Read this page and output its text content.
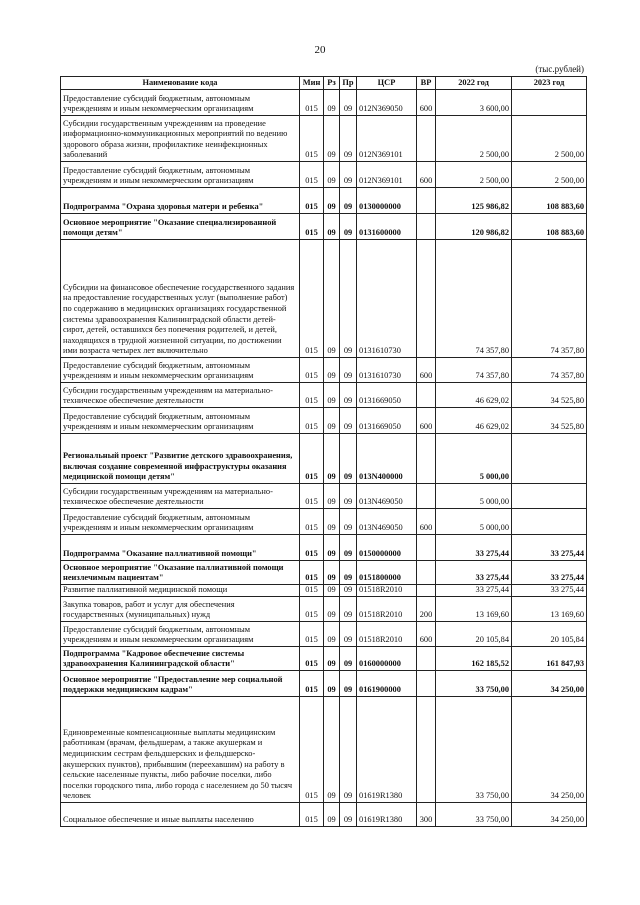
20
(тыс.рублей)
Наименование кода	Мин	Рз	Пр	ЦСР	ВР	2022 год	2023 год
Предоставление субсидий бюджетным, автономным учреждениям и иным некоммерческим организациям	015	09	09	012N369050	600	3 600,00	
Субсидии государственным учреждениям на проведение информационно-коммуникационных мероприятий по ведению здорового образа жизни, профилактике неинфекционных заболеваний	015	09	09	012N369101		2 500,00	2 500,00
Предоставление субсидий бюджетным, автономным учреждениям и иным некоммерческим организациям	015	09	09	012N369101	600	2 500,00	2 500,00
Подпрограмма "Охрана здоровья матери и ребенка"	015	09	09	0130000000		125 986,82	108 883,60
Основное мероприятие "Оказание специализированной помощи детям"	015	09	09	0131600000		120 986,82	108 883,60
Субсидии на финансовое обеспечение государственного задания на предоставление государственных услуг (выполнение работ) по содержанию в медицинских организациях государственной системы здравоохранения Калининградской области детей-сирот, детей, оставшихся без попечения родителей, и детей, находящихся в трудной жизненной ситуации, по достижении ими возраста четырех лет включительно	015	09	09	0131610730		74 357,80	74 357,80
Предоставление субсидий бюджетным, автономным учреждениям и иным некоммерческим организациям	015	09	09	0131610730	600	74 357,80	74 357,80
Субсидии государственным учреждениям на материально-техническое обеспечение деятельности	015	09	09	0131669050		46 629,02	34 525,80
Предоставление субсидий бюджетным, автономным учреждениям и иным некоммерческим организациям	015	09	09	0131669050	600	46 629,02	34 525,80
Региональный проект "Развитие детского здравоохранения, включая создание современной инфраструктуры оказания медицинской помощи детям"	015	09	09	013N400000		5 000,00	
Субсидии государственным учреждениям на материально-техническое обеспечение деятельности	015	09	09	013N469050		5 000,00	
Предоставление субсидий бюджетным, автономным учреждениям и иным некоммерческим организациям	015	09	09	013N469050	600	5 000,00	
Подпрограмма "Оказание паллиативной помощи"	015	09	09	0150000000		33 275,44	33 275,44
Основное мероприятие "Оказание паллиативной помощи неизлечимым пациентам"	015	09	09	0151800000		33 275,44	33 275,44
Развитие паллиативной медицинской помощи	015	09	09	01518R2010		33 275,44	33 275,44
Закупка товаров, работ и услуг для обеспечения государственных (муниципальных) нужд	015	09	09	01518R2010	200	13 169,60	13 169,60
Предоставление субсидий бюджетным, автономным учреждениям и иным некоммерческим организациям	015	09	09	01518R2010	600	20 105,84	20 105,84
Подпрограмма "Кадровое обеспечение системы здравоохранения Калининградской области"	015	09	09	0160000000		162 185,52	161 847,93
Основное мероприятие "Предоставление мер социальной поддержки медицинским кадрам"	015	09	09	0161900000		33 750,00	34 250,00
Единовременные компенсационные выплаты медицинским работникам (врачам, фельдшерам, а также акушеркам и медицинским сестрам фельдшерских и фельдшерско-акушерских пунктов), прибывшим (переехавшим) на работу в сельские населенные пункты, либо рабочие поселки, либо поселки городского типа, либо города с населением до 50 тысяч человек	015	09	09	01619R1380		33 750,00	34 250,00
Социальное обеспечение и иные выплаты населению	015	09	09	01619R1380	300	33 750,00	34 250,00
